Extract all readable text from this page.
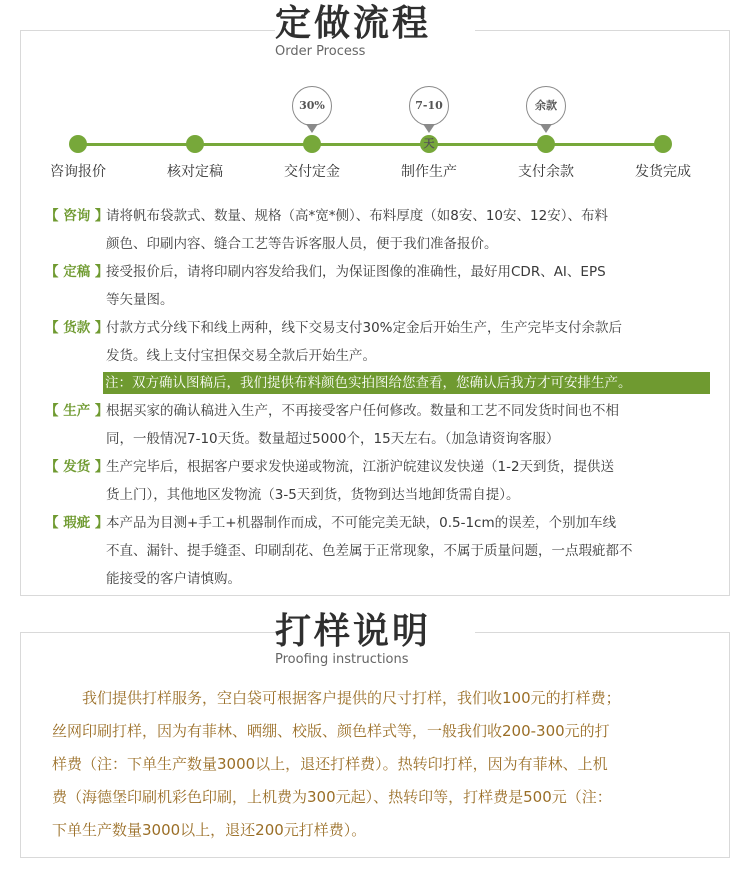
定做流程
Order Process
咨询报价	核对定稿	交付定金	制作生产	支付余款	发货完成
30%	7-10天
余款
【 咨询 】
请将帆布袋款式、数量、规格（高*宽*侧）、布料厚度（如8安、10安、12安）、布料
颜色、印刷内容、缝合工艺等告诉客服人员，便于我们准备报价。
【 定稿 】
接受报价后，请将印刷内容发给我们，为保证图像的准确性，最好用CDR、AI、EPS
等矢量图。
【 货款 】
付款方式分线下和线上两种，线下交易支付30%定金后开始生产，生产完毕支付余款后
发货。线上支付宝担保交易全款后开始生产。
注：双方确认图稿后，我们提供布料颜色实拍图给您查看，您确认后我方才可安排生产。
【 生产 】
根据买家的确认稿进入生产，不再接受客户任何修改。数量和工艺不同发货时间也不相
同，一般情况7-10天货。数量超过5000个，15天左右。（加急请资询客服）
【 发货 】
生产完毕后，根据客户要求发快递或物流，江浙沪皖建议发快递（1-2天到货，提供送
货上门），其他地区发物流（3-5天到货，货物到达当地卸货需自提）。
【 瑕疵 】
本产品为目测+手工+机器制作而成，不可能完美无缺，0.5-1cm的误差，个别加车线
不直、漏针、提手缝歪、印刷刮花、色差属于正常现象，不属于质量问题，一点瑕疵都不
能接受的客户请慎购。
打样说明
Proofing instructions
　　我们提供打样服务，空白袋可根据客户提供的尺寸打样，我们收100元的打样费；
丝网印刷打样，因为有菲林、晒绷、校版、颜色样式等，一般我们收200-300元的打
样费（注：下单生产数量3000以上，退还打样费）。热转印打样，因为有菲林、上机
费（海德堡印刷机彩色印刷，上机费为300元起）、热转印等，打样费是500元（注：
下单生产数量3000以上，退还200元打样费）。
